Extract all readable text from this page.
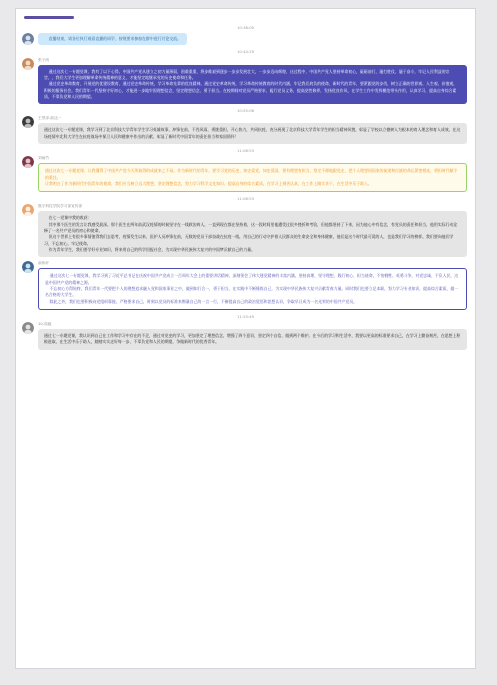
10:38:05

直播结束，请各位执行观看直播的同学，按规要求参加在群中进行讨论交流。

10:44:29
张子尚

通过这次七一专题党课，我有了以下心得。中国共产党从建立之初力量薄弱，困难重重，将步维艰到逐步一步步发展壮大，一步步迈向辉煌，这过程中，中国共产党人坚持革命初心，砥砺前行，屡打胜仗，屡于奋斗，牢记人民利益的宗旨，，我们大学生更加理解革命传统精神的意义，才能坚定地继承党的历史使命和任务。

通过党史革命教育，开展党的优建设教育，通过党史革命传统，学习革命先辈的优良精神。通过党史革命传统，学习革命传统教育的时代内涵，牢记我们肩负的使命，新时代的青年，要紧跟党的步伐，树立正确的世界观、人生观、价值观，积极的服务社会。我们青年一代坚持守好初心，才能进一步地牢固理想信念，坚定理想信念，勇于担当。在校期间对党员严格要求，履行党员义务，提高党性修养，发扬优良作风，在学生工作中发挥模范带头作用，认真学习，提高自身综合素质，不辜负党和人民的期望。

10:55:06
王誉泽-韵达一

通过这次七一专题党课，我学习到了北京科技大学青年学生学习英雄故事，冲锋在前，不畏风雨，勇挑重担，开心协力，共同抗疫，充分展现了北京科技大学青年学生的担当精神风貌，彰显了学校以立德树人为根本的育人理念和育人成效。在这场疫情中北科大学生在抗疫战场中保卫人民和健康中作出的贡献，彰显了新时代中国青年的责任担当和家国情怀！

11:06:53
刘雨竹

通过这次七一专题党课，让我懂得了中国共产党今天所取得的成就来之不易。作为新时代的青年，要学习党的历史，知史爱党，知史爱国，要有理想有担当，坚定不移地跟党走，把个人理想同国家的前途和民族的命运紧密相连，勇担时代赋予的重任。

让我明白了作为新时代中国青年的使命，我们应当树立远大理想，坚定理想信念，努力学习科学文化知识，提高自身的综合素质。在学习上刻苦认真，在工作上踏实肯干，在生活中乐于助人。

11:06:53
数字科技学院学习部宣传部

在七一党课中我的收获：

其中那个医生的发言让我感受最深。那个医生在两年前武汉疫情的时候坚守在一线救治病人，一直到现在都在坚持着，这一段时间里他遭受过很多挫折和考验，但他都坚持了下来，因为他心中有信念，有党员的责任和担当，他用实际行动诠释了一名共产党员的初心和使命。

但这个世界上有很多事情值得我们去思考，疫情发生以来，医护人员冲锋在前，无数的党员干部奋战在抗疫一线，用自己的行动守护着人民群众的生命安全和身体健康，他们是这个时代最可爱的人，也是我们学习的榜样。我们要向他们学习，不忘初心，牢记使命。

作为青年学生，我们要学好专业知识，将来用自己的所学回报社会，为实现中华民族伟大复兴的中国梦贡献自己的力量。

俞伟轩

通过这次七一专题党课，我学习到了习近平总书记在庆祝中国共产党成立一百周年大会上的重要讲话精神，深刻领会了伟大建党精神的丰富内涵。坚持真理、坚守理想，践行初心、担当使命，不怕牺牲、英勇斗争，对党忠诚、不负人民，这是中国共产党的精神之源。

不忘初心方得始终，我们青年一代要把个人的理想追求融入党和国家事业之中，做到知行合一，勇于担当，在实践中不断锤炼自己，为实现中华民族伟大复兴贡献青春力量。同时我们也要立足本职，努力学习专业知识，提高综合素质，做一名合格的大学生。

除此之外，我们也要积极向党组织靠拢，严格要求自己，时刻以党员的标准来衡量自己的一言一行，不断提高自己的政治觉悟和思想认识，争取早日成为一名光荣的中国共产党员。

11:25:49
10-周毅

通过七一专题党课，我认识到自己在工作和学习中存在的不足，通过对党史的学习，更加坚定了理想信念，增强了四个意识，坚定四个自信，做到两个维护。在今后的学习和生活中，我要以更高的标准要求自己，在学习上勤奋刻苦，在思想上积极进取，在生活中乐于助人，踏踏实实走好每一步，不辜负党和人民的期望，争做新时代的优秀青年。
